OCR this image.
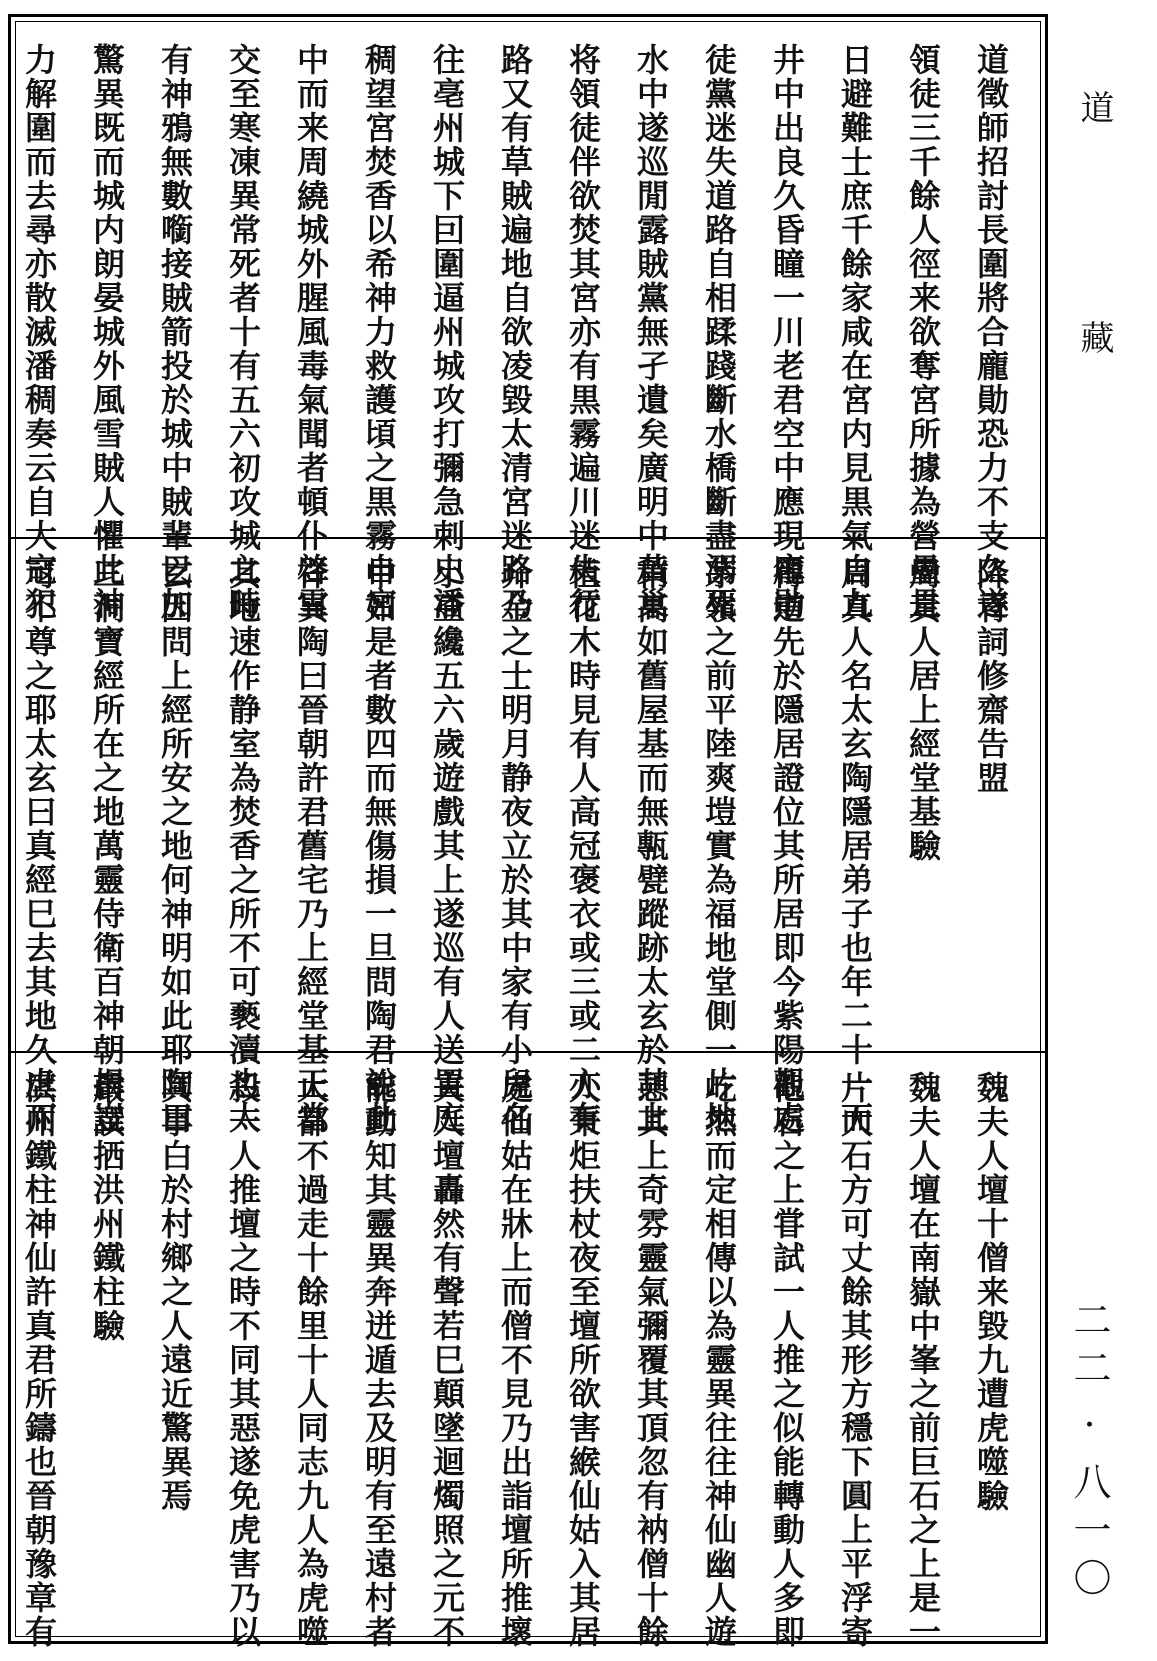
道徵師招討長圍將合龐勛恐力不支久遂
領徒三千餘人徑来欲奪宮所據為營壘是
日避難士庶千餘家咸在宮内見黒氣自九
井中出良久昏瞳一川老君空中應現龐勛
徒黨迷失道路自相蹂踐斷水橋斷盡溺死
水中遂巡閒露賊黨無孑遺矣廣明中黃巢
将領徒伴欲焚其宮亦有黒霧遍川迷失行
路又有草賊遍地自欲凌毀太清宮迷路乃
往亳州城下囙圍逼州城攻打彌急刺史潘
稠望宮焚香以希神力救護頃之黒霧自宮
中而来周繞城外腥風毒氣聞者頓仆啓雪
交至寒凍異常死者十有五六初攻城之時
有神鴉無數㘅接賊箭投於城中賊輩巳加
驚異既而城内朗晏城外風雪賊人懼此神
力解圍而去尋亦散滅潘稠奏云自大寇犯
降青詞修齋告盟
周真人居上經堂基驗
周真人名太玄陶隱居弟子也年二十一而
得道先於隱居證位其所居即今紫陽觀處
茅嶺之前平陸爽塏實為福地堂側一片地
稍高如舊屋基而無甎甓蹤跡太玄於其上
植花木時見有人高冠褒衣或三或二亦有
介金之士明月静夜立於其中家有小兒名
小豆纔五六歲遊戲其上遂巡有人送置庭
中如是者數四而無傷損一旦問陶君說此
祥異陶曰晉朝許君舊宅乃上經堂基正當
其地速作静室為焚香之所不可褻瀆也太
玄因問上經所安之地何神明如此耶陶曰
三洞寶經所在之地萬靈侍衛百神朝揖豈
可不尊之耶太玄曰真經巳去其地久虗而
魏夫人壇十僧来毀九遭虎噬驗
魏夫人壇在南嶽中峯之前巨石之上是一
片大石方可丈餘其形方穩下圓上平浮寄
他石之上甞試一人推之似能轉動人多即
屹然而定相傳以為靈異往往神仙幽人遊
憩其上奇雰靈氣彌覆其頂忽有衲僧十餘
人秉炬扶杖夜至壇所欲害緱仙姑入其居
處仙姑在牀上而僧不見乃出詣壇所推壞
夫人壇轟然有聲若巳顛墜迴燭照之元不
能動知其靈異奔迸遁去及明有至遠村者
大都不過走十餘里十人同志九人為虎噬
殺一人推壇之時不同其惡遂免虎害乃以
其事白於村鄉之人遠近驚異焉
嚴譔拪洪州鐵柱驗
洪州鐵柱神仙許真君所鑄也晉朝豫章有
道
藏
二二 · 八一〇
